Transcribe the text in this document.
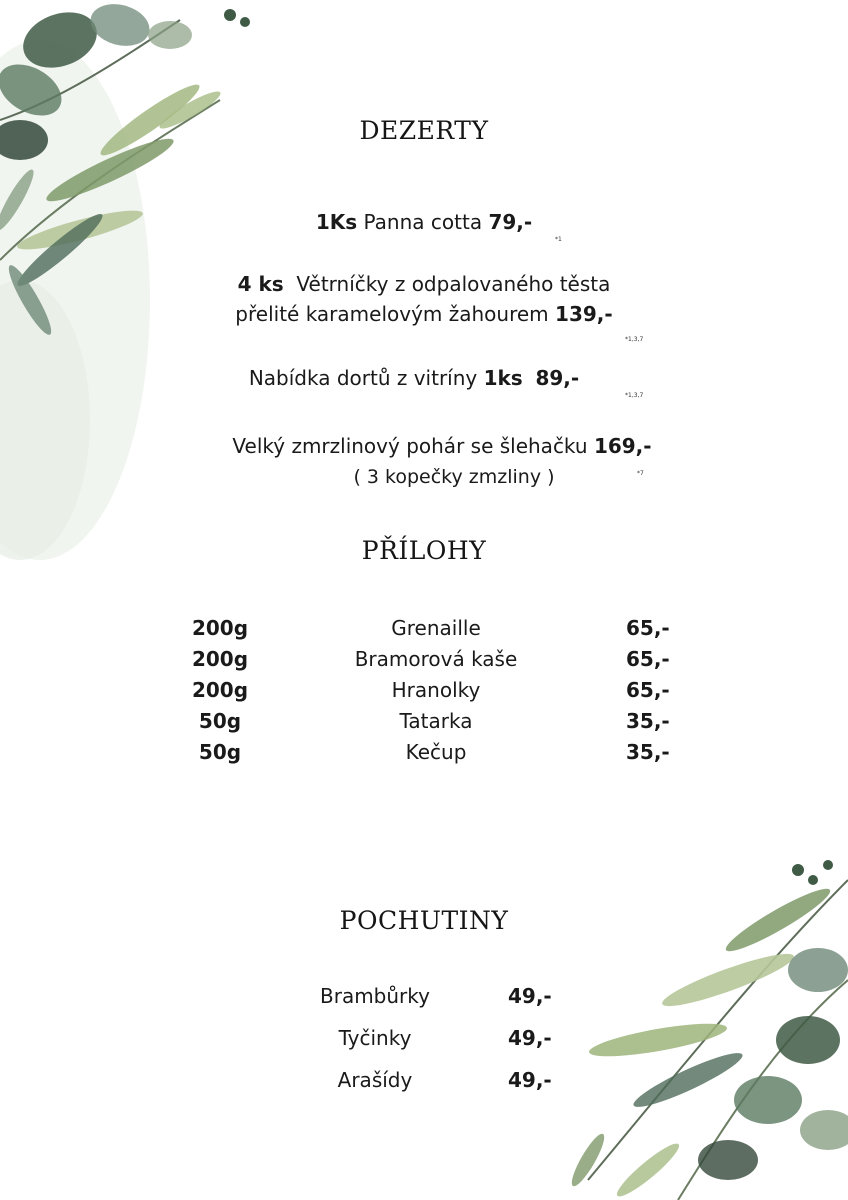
DEZERTY
1Ks Panna cotta 79,-
*1
4 ks Větrníčky z odpalovaného těsta
přelité karamelovým žahourem 139,-
*1,3,7
Nabídka dortů z vitríny 1ks 89,-
*1,3,7
Velký zmrzlinový pohár se šlehačku 169,-
( 3 kopečky zmzliny )	*7
PŘÍLOHY
200g	Grenaille	65,-
200g	Bramorová kaše	65,-
200g	Hranolky	65,-
50g	Tatarka	35,-
50g	Kečup	35,-
POCHUTINY
Brambůrky	49,-
Tyčinky	49,-
Arašídy	49,-
